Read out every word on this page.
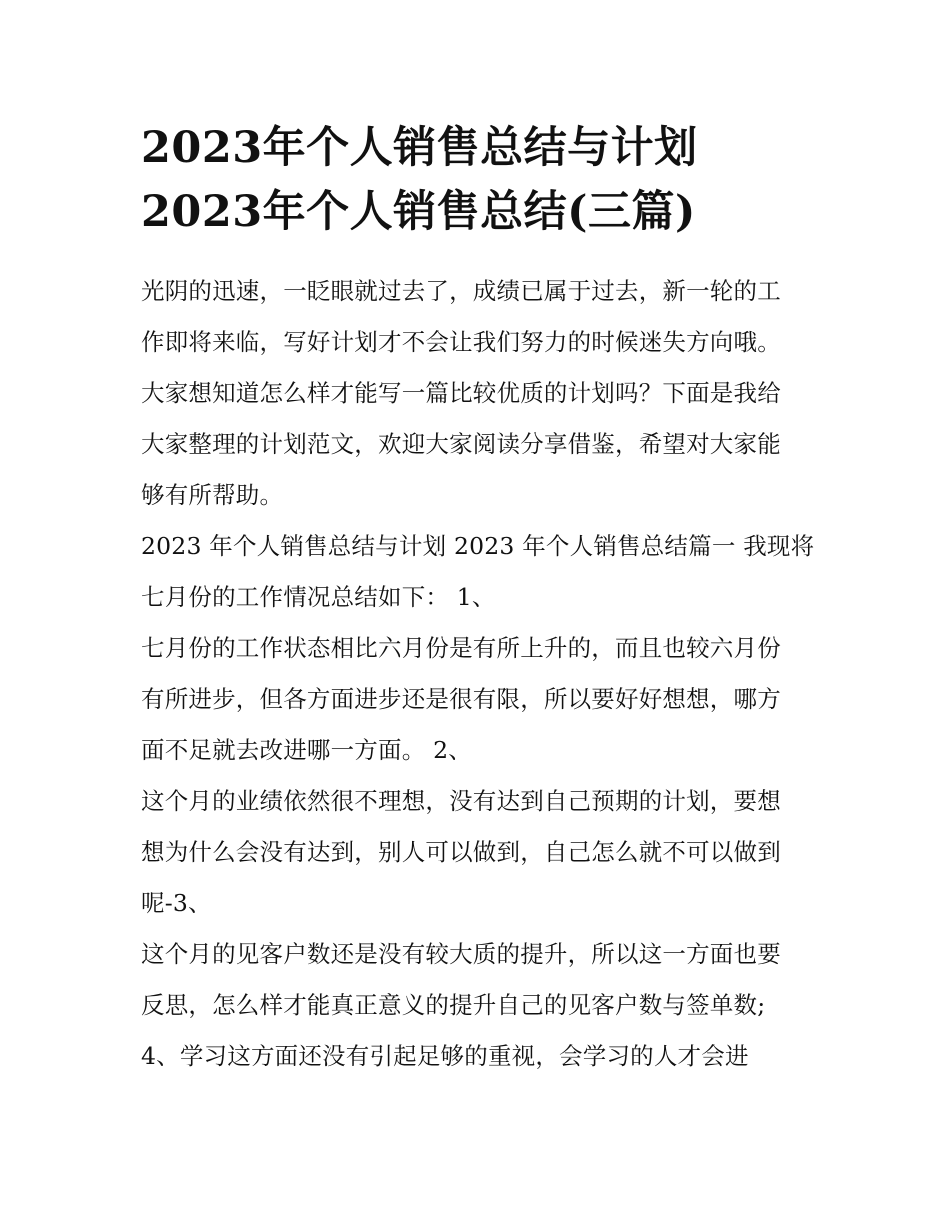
2023年个人销售总结与计划
2023年个人销售总结(三篇)
光阴的迅速，一眨眼就过去了，成绩已属于过去，新一轮的工
作即将来临，写好计划才不会让我们努力的时候迷失方向哦。
大家想知道怎么样才能写一篇比较优质的计划吗？下面是我给
大家整理的计划范文，欢迎大家阅读分享借鉴，希望对大家能
够有所帮助。
2023 年个人销售总结与计划 2023 年个人销售总结篇一 我现将
七月份的工作情况总结如下： 1、
七月份的工作状态相比六月份是有所上升的，而且也较六月份
有所进步，但各方面进步还是很有限，所以要好好想想，哪方
面不足就去改进哪一方面。 2、
这个月的业绩依然很不理想，没有达到自己预期的计划，要想
想为什么会没有达到，别人可以做到，自己怎么就不可以做到
呢-3、
这个月的见客户数还是没有较大质的提升，所以这一方面也要
反思，怎么样才能真正意义的提升自己的见客户数与签单数;
4、学习这方面还没有引起足够的重视，会学习的人才会进
